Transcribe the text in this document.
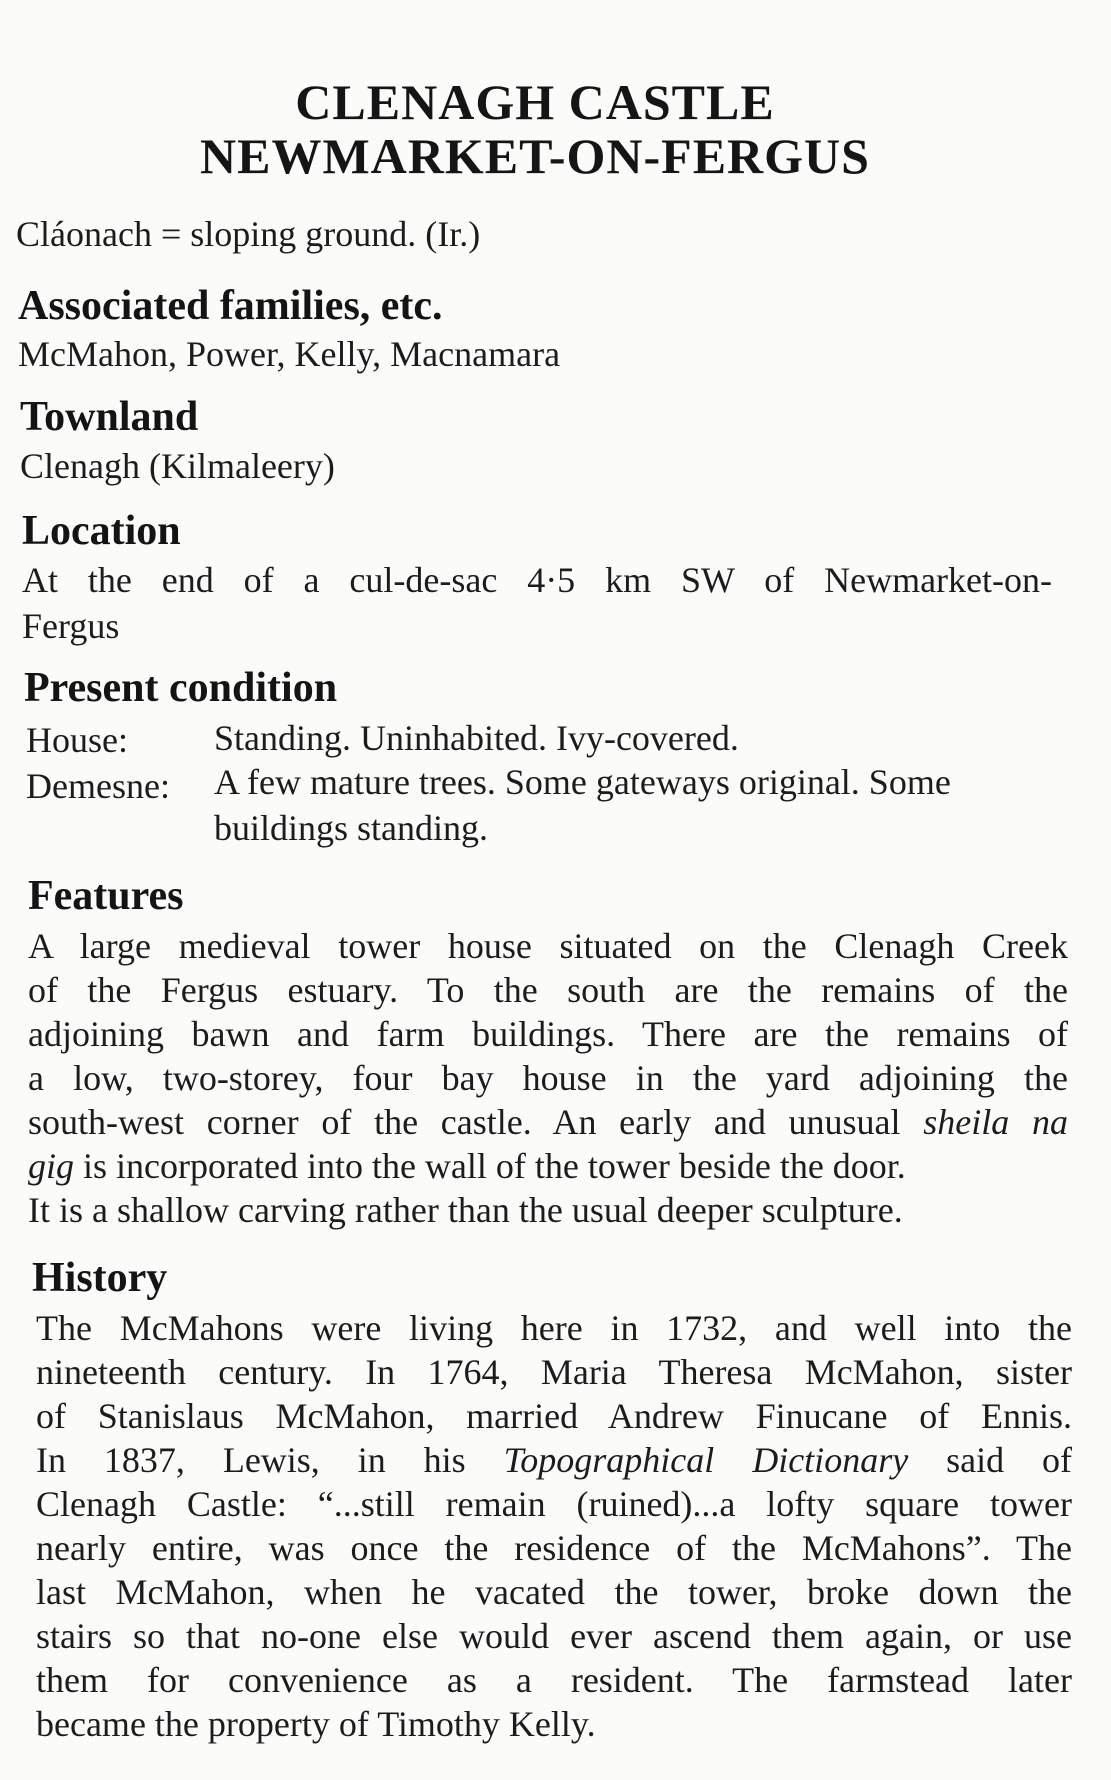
CLENAGH CASTLE
NEWMARKET-ON-FERGUS
Cláonach = sloping ground. (Ir.)
Associated families, etc.
McMahon, Power, Kelly, Macnamara
Townland
Clenagh (Kilmaleery)
Location
At the end of a cul-de-sac 4·5 km SW of Newmarket-on-
Fergus
Present condition
House: Standing. Uninhabited. Ivy-covered.
Demesne: A few mature trees. Some gateways original. Some
buildings standing.
Features
A large medieval tower house situated on the Clenagh Creek
of the Fergus estuary. To the south are the remains of the
adjoining bawn and farm buildings. There are the remains of
a low, two-storey, four bay house in the yard adjoining the
south-west corner of the castle. An early and unusual sheila na
gig is incorporated into the wall of the tower beside the door.
It is a shallow carving rather than the usual deeper sculpture.
History
The McMahons were living here in 1732, and well into the
nineteenth century. In 1764, Maria Theresa McMahon, sister
of Stanislaus McMahon, married Andrew Finucane of Ennis.
In 1837, Lewis, in his Topographical Dictionary said of
Clenagh Castle: “...still remain (ruined)...a lofty square tower
nearly entire, was once the residence of the McMahons”. The
last McMahon, when he vacated the tower, broke down the
stairs so that no-one else would ever ascend them again, or use
them for convenience as a resident. The farmstead later
became the property of Timothy Kelly.
